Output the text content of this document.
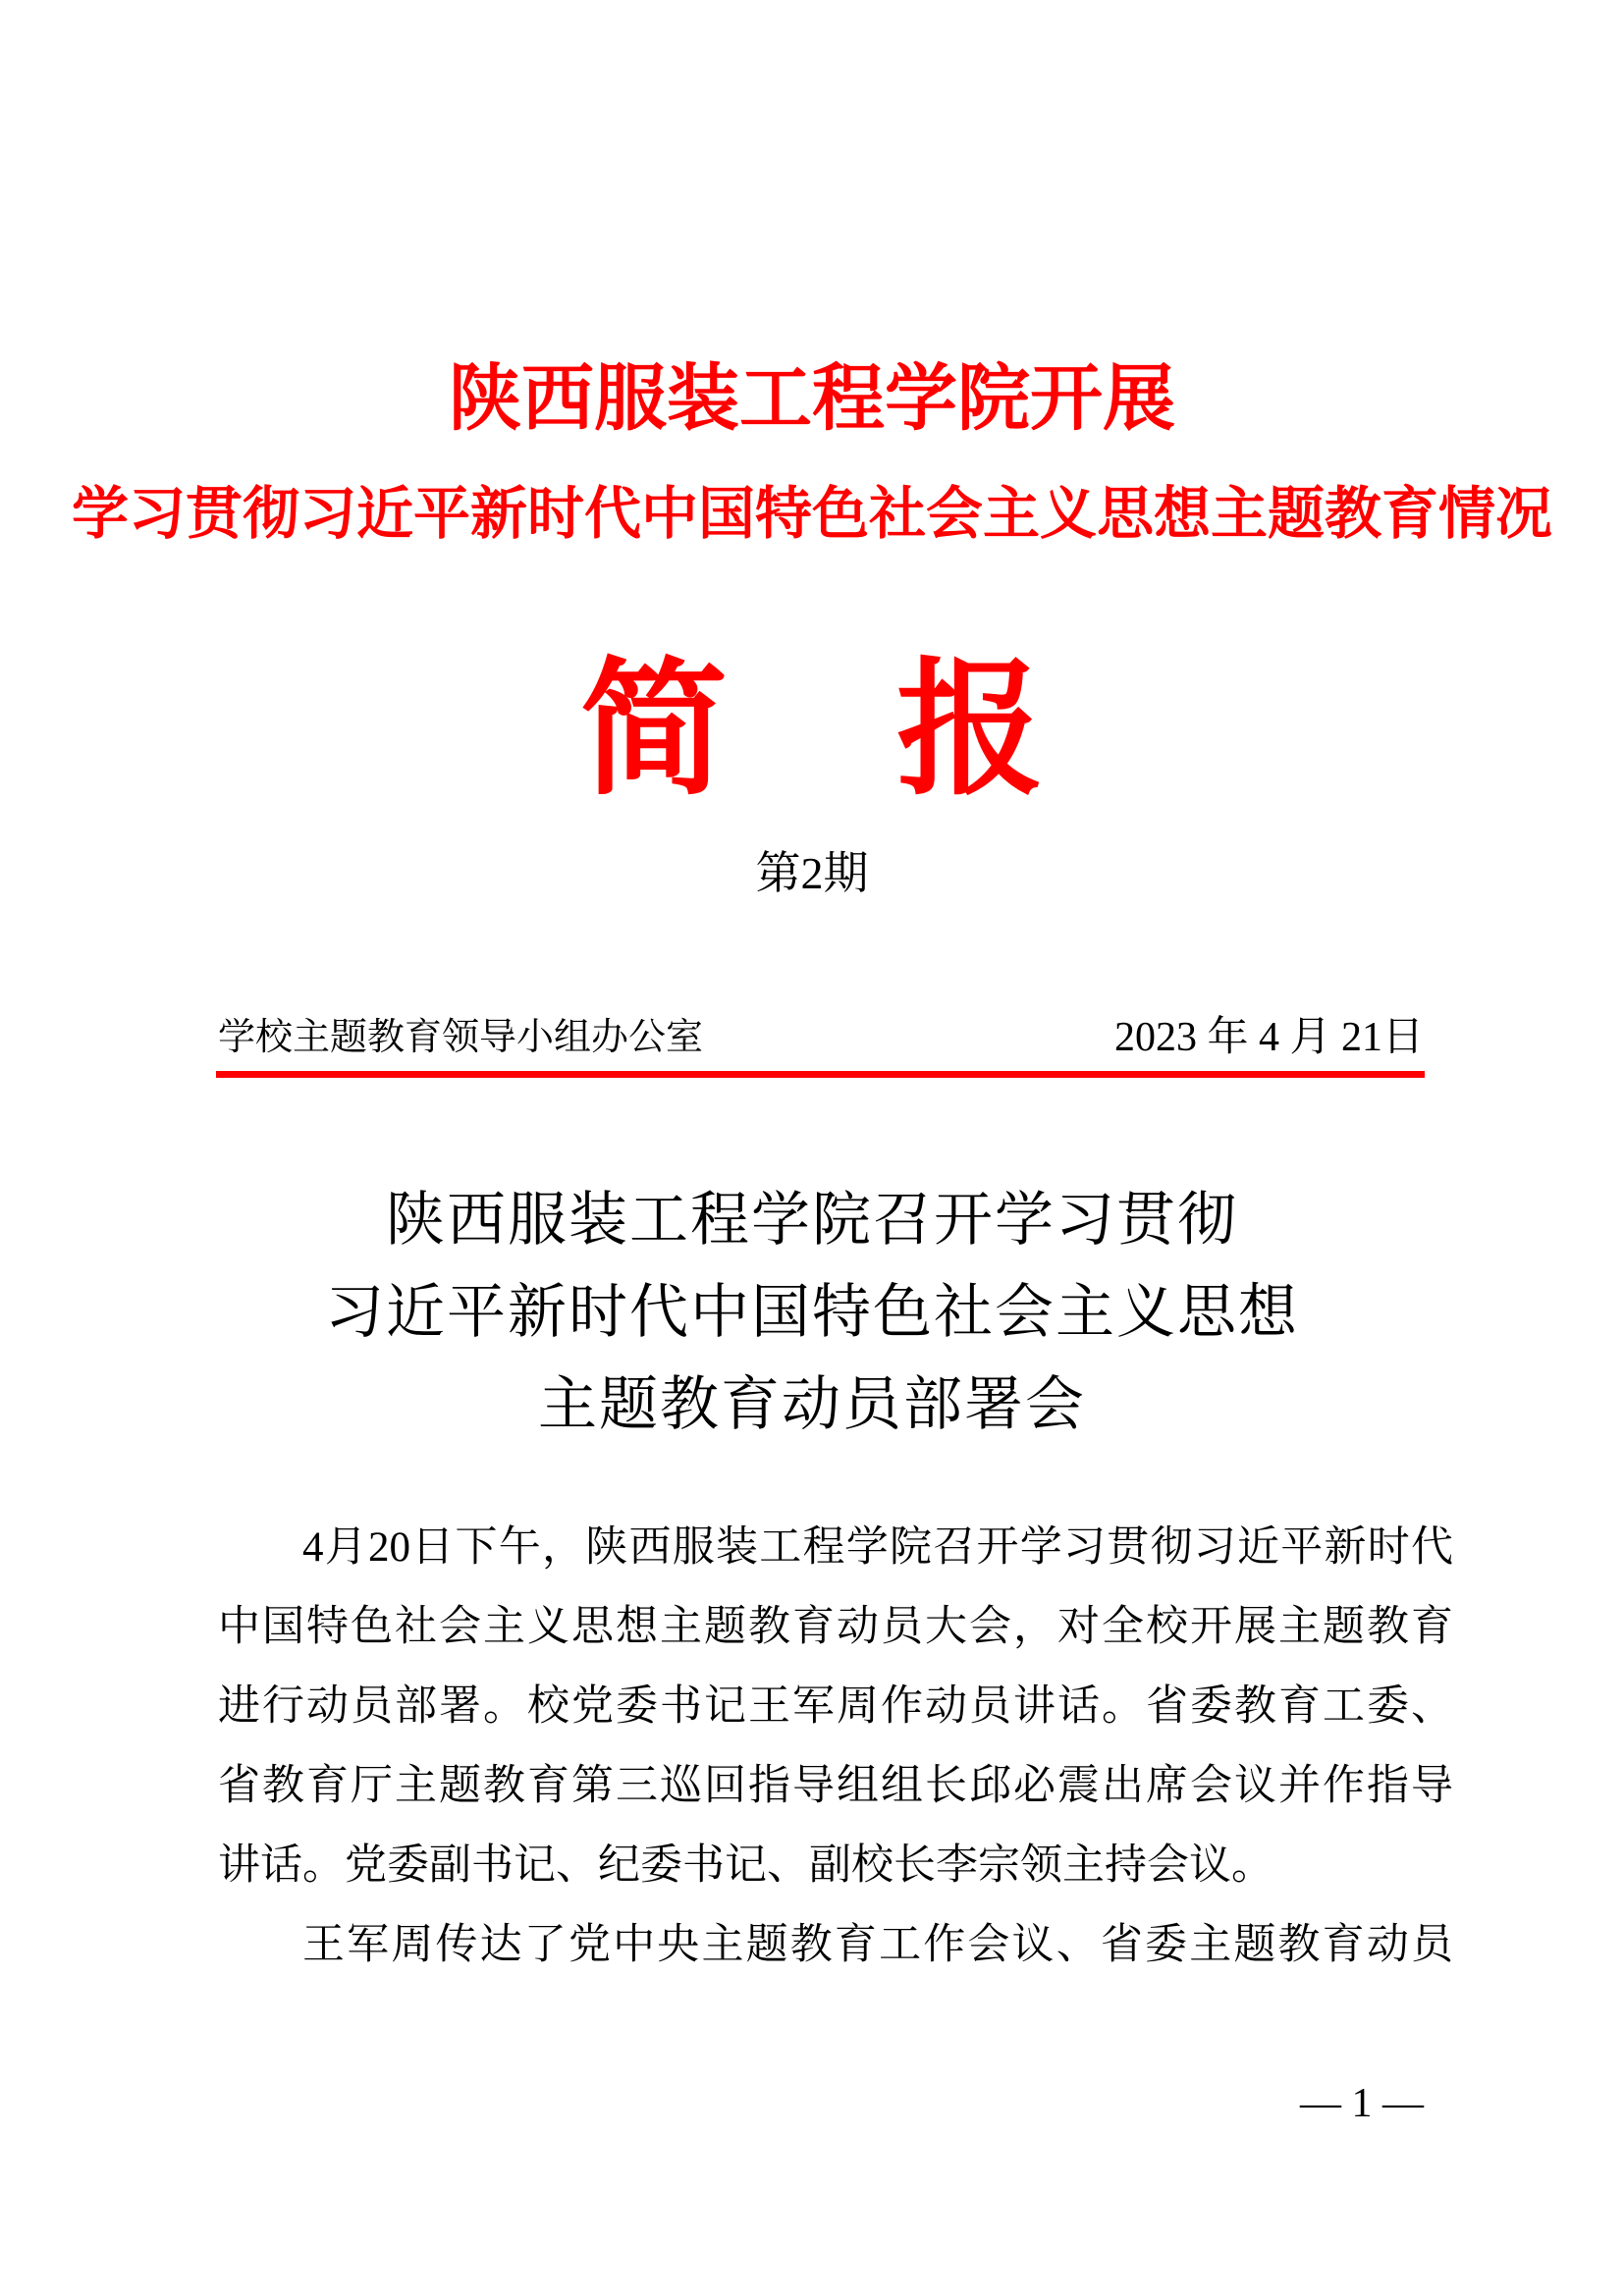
陕西服装工程学院开展
学习贯彻习近平新时代中国特色社会主义思想主题教育情况
简 报
第2期
学校主题教育领导小组办公室	2023 年 4 月 21日
陕西服装工程学院召开学习贯彻
习近平新时代中国特色社会主义思想
主题教育动员部署会
4月20日下午，陕西服装工程学院召开学习贯彻习近平新时代
中国特色社会主义思想主题教育动员大会，对全校开展主题教育
进行动员部署。校党委书记王军周作动员讲话。省委教育工委、
省教育厅主题教育第三巡回指导组组长邱必震出席会议并作指导
讲话。党委副书记、纪委书记、副校长李宗领主持会议。
王军周传达了党中央主题教育工作会议、省委主题教育动员
— 1 —
